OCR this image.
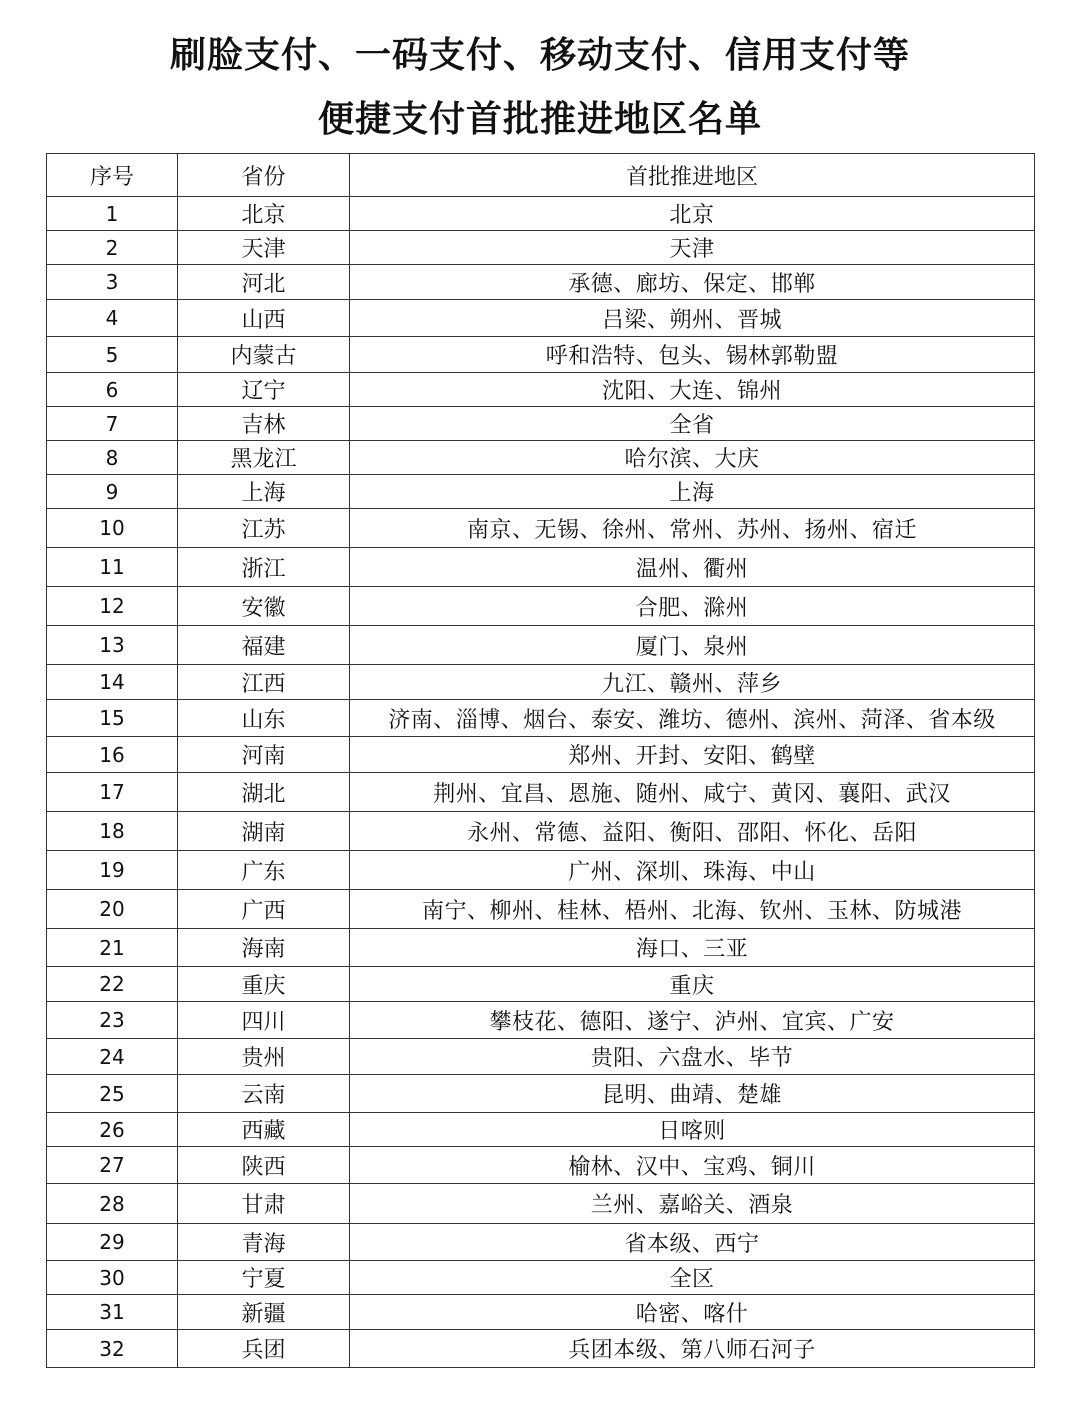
刷脸支付、一码支付、移动支付、信用支付等
便捷支付首批推进地区名单
序号	省份	首批推进地区
1	北京	北京
2	天津	天津
3	河北	承德、廊坊、保定、邯郸
4	山西	吕梁、朔州、晋城
5	内蒙古	呼和浩特、包头、锡林郭勒盟
6	辽宁	沈阳、大连、锦州
7	吉林	全省
8	黑龙江	哈尔滨、大庆
9	上海	上海
10	江苏	南京、无锡、徐州、常州、苏州、扬州、宿迁
11	浙江	温州、衢州
12	安徽	合肥、滁州
13	福建	厦门、泉州
14	江西	九江、赣州、萍乡
15	山东	济南、淄博、烟台、泰安、潍坊、德州、滨州、菏泽、省本级
16	河南	郑州、开封、安阳、鹤壁
17	湖北	荆州、宜昌、恩施、随州、咸宁、黄冈、襄阳、武汉
18	湖南	永州、常德、益阳、衡阳、邵阳、怀化、岳阳
19	广东	广州、深圳、珠海、中山
20	广西	南宁、柳州、桂林、梧州、北海、钦州、玉林、防城港
21	海南	海口、三亚
22	重庆	重庆
23	四川	攀枝花、德阳、遂宁、泸州、宜宾、广安
24	贵州	贵阳、六盘水、毕节
25	云南	昆明、曲靖、楚雄
26	西藏	日喀则
27	陕西	榆林、汉中、宝鸡、铜川
28	甘肃	兰州、嘉峪关、酒泉
29	青海	省本级、西宁
30	宁夏	全区
31	新疆	哈密、喀什
32	兵团	兵团本级、第八师石河子
